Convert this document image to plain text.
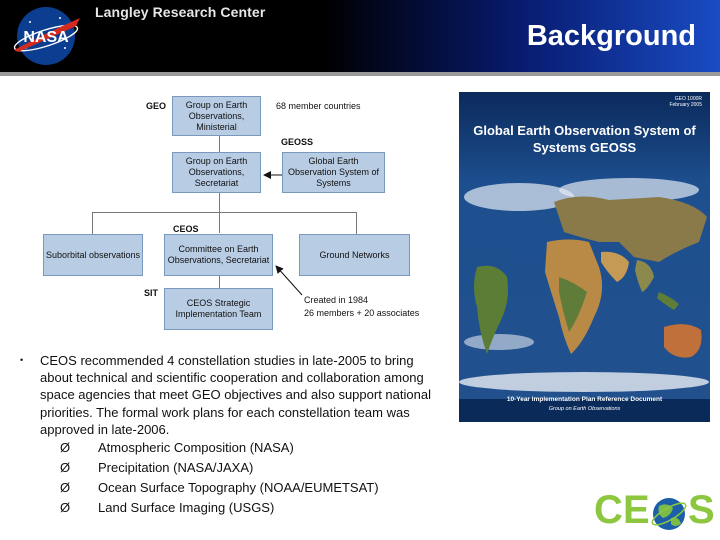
NASA
Langley Research Center
Background
GEO	Group on Earth Observations, Ministerial
68 member countries
GEOSS
Group on Earth Observations, Secretariat
Global Earth Observation System of Systems
CEOS
Suborbital observations
Committee on Earth Observations, Secretariat
Ground Networks
SIT
CEOS Strategic Implementation Team
Created in 1984
26 members + 20 associates
• CEOS recommended 4 constellation studies in late-2005 to bring about technical and scientific cooperation and collaboration among space agencies that meet GEO objectives and also support national priorities. The formal work plans for each constellation team was approved in late-2006.
Ø Atmospheric Composition (NASA)
Ø Precipitation (NASA/JAXA)
Ø Ocean Surface Topography (NOAA/EUMETSAT)
Ø Land Surface Imaging (USGS)
GEO 1000R
February 2005
Global Earth Observation System of Systems GEOSS
10-Year Implementation Plan Reference Document
Group on Earth Observations
C E S
